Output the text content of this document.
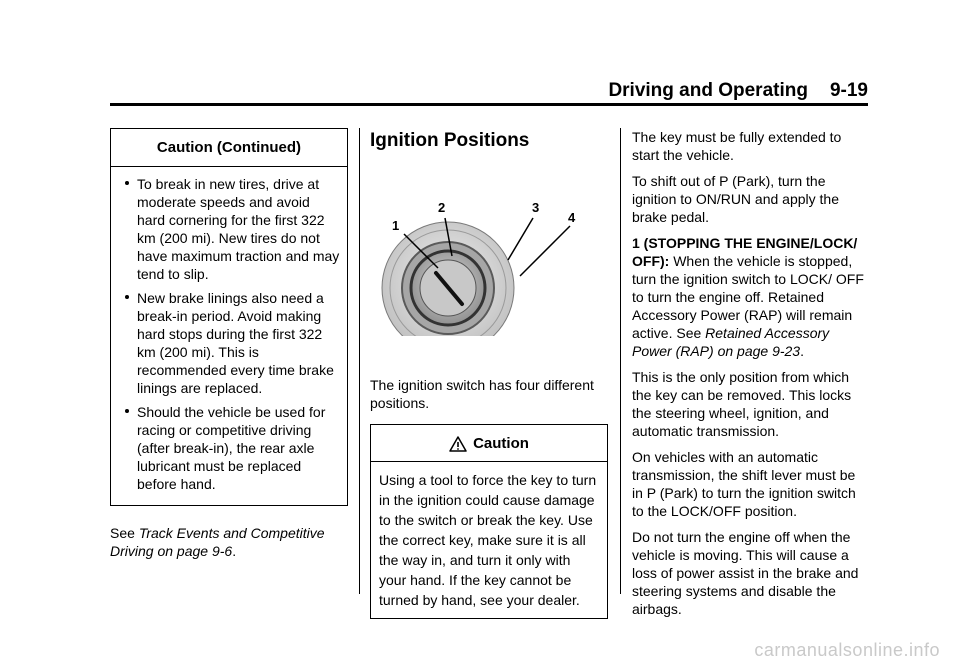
Driving and Operating 9-19
Caution (Continued)
To break in new tires, drive at moderate speeds and avoid hard cornering for the first 322 km (200 mi). New tires do not have maximum traction and may tend to slip.
New brake linings also need a break-in period. Avoid making hard stops during the first 322 km (200 mi). This is recommended every time brake linings are replaced.
Should the vehicle be used for racing or competitive driving (after break-in), the rear axle lubricant must be replaced before hand.

See Track Events and Competitive Driving on page 9-6.

Ignition Positions
1
2	3
4

The ignition switch has four different positions.

Caution
Using a tool to force the key to turn in the ignition could cause damage to the switch or break the key. Use the correct key, make sure it is all the way in, and turn it only with your hand. If the key cannot be turned by hand, see your dealer.

The key must be fully extended to start the vehicle.

To shift out of P (Park), turn the ignition to ON/RUN and apply the brake pedal.

1 (STOPPING THE ENGINE/LOCK/ OFF): When the vehicle is stopped, turn the ignition switch to LOCK/ OFF to turn the engine off. Retained Accessory Power (RAP) will remain active. See Retained Accessory Power (RAP) on page 9-23.

This is the only position from which the key can be removed. This locks the steering wheel, ignition, and automatic transmission.

On vehicles with an automatic transmission, the shift lever must be in P (Park) to turn the ignition switch to the LOCK/OFF position.

Do not turn the engine off when the vehicle is moving. This will cause a loss of power assist in the brake and steering systems and disable the airbags.

carmanualsonline.info
